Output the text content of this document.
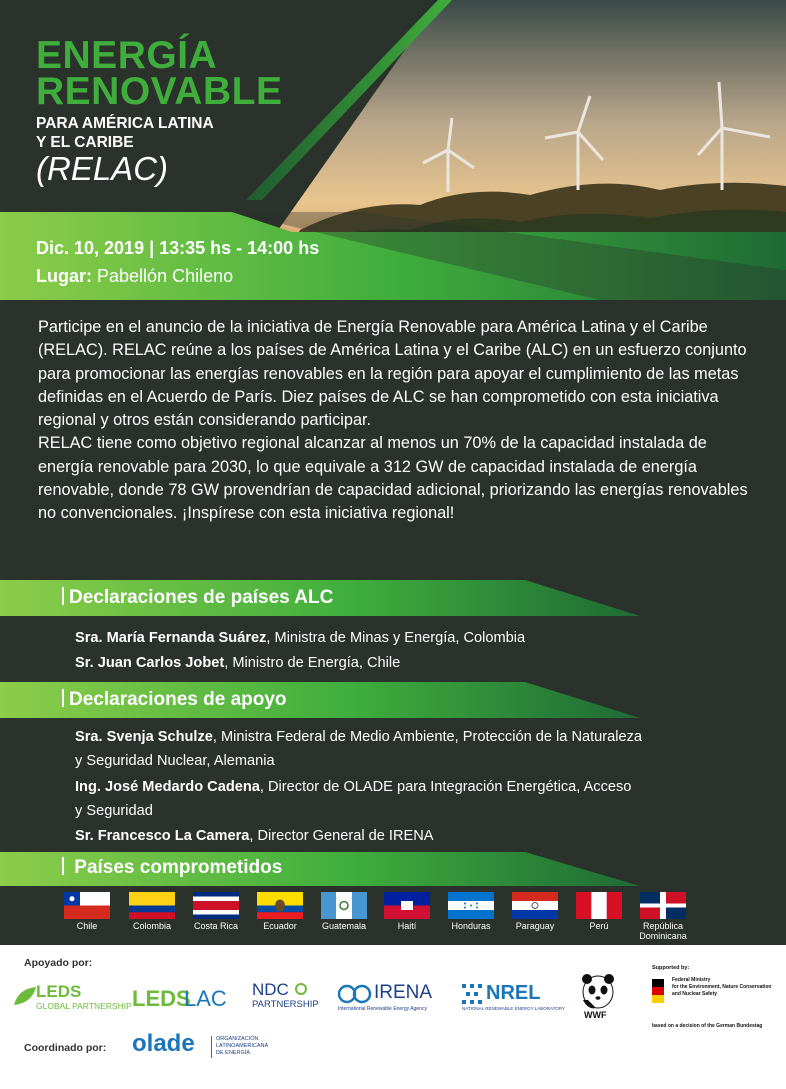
ENERGÍA
RENOVABLE
PARA AMÉRICA LATINA
Y EL CARIBE
(RELAC)
Dic. 10, 2019 | 13:35 hs - 14:00 hs
Lugar: Pabellón Chileno

Participe en el anuncio de la iniciativa de Energía Renovable para América Latina y el Caribe (RELAC). RELAC reúne a los países de América Latina y el Caribe (ALC) en un esfuerzo conjunto para promocionar las energías renovables en la región para apoyar el cumplimiento de las metas definidas en el Acuerdo de París. Diez países de ALC se han comprometido con esta iniciativa regional y otros están considerando participar.

RELAC tiene como objetivo regional alcanzar al menos un 70% de la capacidad instalada de energía renovable para 2030, lo que equivale a 312 GW de capacidad instalada de energía renovable, donde 78 GW provendrían de capacidad adicional, priorizando las energías renovables no convencionales. ¡Inspírese con esta iniciativa regional!

Declaraciones de países ALC
Sra. María Fernanda Suárez, Ministra de Minas y Energía, Colombia
Sr. Juan Carlos Jobet, Ministro de Energía, Chile
Declaraciones de apoyo
Sra. Svenja Schulze, Ministra Federal de Medio Ambiente, Protección de la Naturaleza
y Seguridad Nuclear, Alemania
Ing. José Medardo Cadena, Director de OLADE para Integración Energética, Acceso
y Seguridad
Sr. Francesco La Camera, Director General de IRENA
Países comprometidos
Chile	Colombia	Costa Rica	Ecuador	Guatemala	Haití	Honduras	Paraguay	Perú	República Dominicana
Apoyado por:
Coordinado por:
LEDS
GLOBAL PARTNERSHIP LEDS
LAC NDC
PARTNERSHIP
IRENA
International Renewable Energy Agency
NREL
NATIONAL RENEWABLE ENERGY LABORATORY
WWF
Supported by:
Federal Ministry
for the Environment, Nature Conservation
and Nuclear Safety
based on a decision of the German Bundestag
olade	ORGANIZACIÓN
LATINOAMERICANA
DE ENERGÍA
